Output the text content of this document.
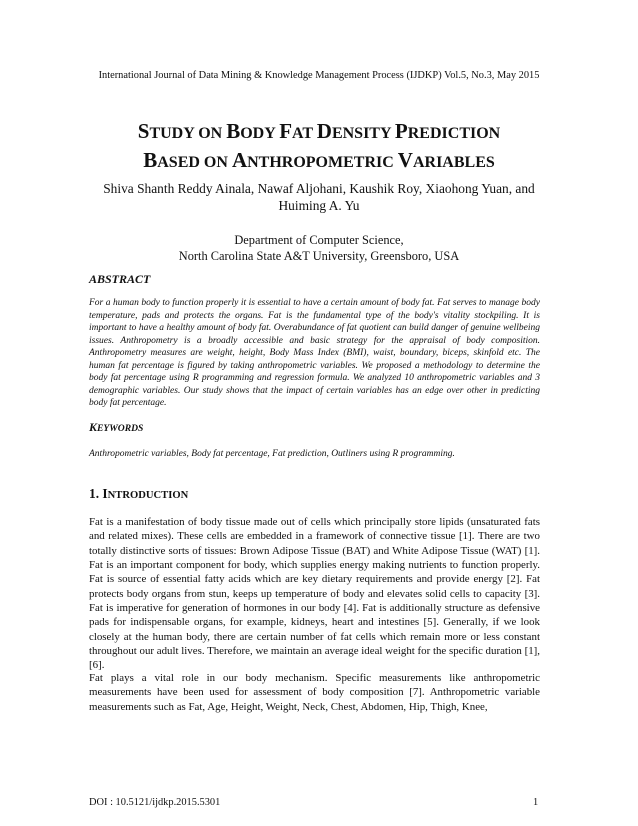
International Journal of Data Mining & Knowledge Management Process (IJDKP) Vol.5, No.3, May 2015
STUDY ON BODY FAT DENSITY PREDICTION
BASED ON ANTHROPOMETRIC VARIABLES
Shiva Shanth Reddy Ainala, Nawaf Aljohani, Kaushik Roy, Xiaohong Yuan, and
Huiming A. Yu
Department of Computer Science,
North Carolina State A&T University, Greensboro, USA
ABSTRACT
For a human body to function properly it is essential to have a certain amount of body fat. Fat serves to manage body temperature, pads and protects the organs. Fat is the fundamental type of the body's vitality stockpiling. It is important to have a healthy amount of body fat. Overabundance of fat quotient can build danger of genuine wellbeing issues. Anthropometry is a broadly accessible and basic strategy for the appraisal of body composition. Anthropometry measures are weight, height, Body Mass Index (BMI), waist, boundary, biceps, skinfold etc. The human fat percentage is figured by taking anthropometric variables. We proposed a methodology to determine the body fat percentage using R programming and regression formula. We analyzed 10 anthropometric variables and 3 demographic variables. Our study shows that the impact of certain variables has an edge over other in predicting body fat percentage.
KEYWORDS
Anthropometric variables, Body fat percentage, Fat prediction, Outliners using R programming.
1. INTRODUCTION

Fat is a manifestation of body tissue made out of cells which principally store lipids (unsaturated fats and related mixes). These cells are embedded in a framework of connective tissue [1]. There are two totally distinctive sorts of tissues: Brown Adipose Tissue (BAT) and White Adipose Tissue (WAT) [1]. Fat is an important component for body, which supplies energy making nutrients to function properly. Fat is source of essential fatty acids which are key dietary requirements and provide energy [2]. Fat protects body organs from stun, keeps up temperature of body and elevates solid cells to capacity [3]. Fat is imperative for generation of hormones in our body [4]. Fat is additionally structure as defensive pads for indispensable organs, for example, kidneys, heart and intestines [5]. Generally, if we look closely at the human body, there are certain number of fat cells which remain more or less constant throughout our adult lives. Therefore, we maintain an average ideal weight for the specific duration [1],[6].

Fat plays a vital role in our body mechanism. Specific measurements like anthropometric measurements have been used for assessment of body composition [7]. Anthropometric variable measurements such as Fat, Age, Height, Weight, Neck, Chest, Abdomen, Hip, Thigh, Knee,

DOI : 10.5121/ijdkp.2015.5301	1
